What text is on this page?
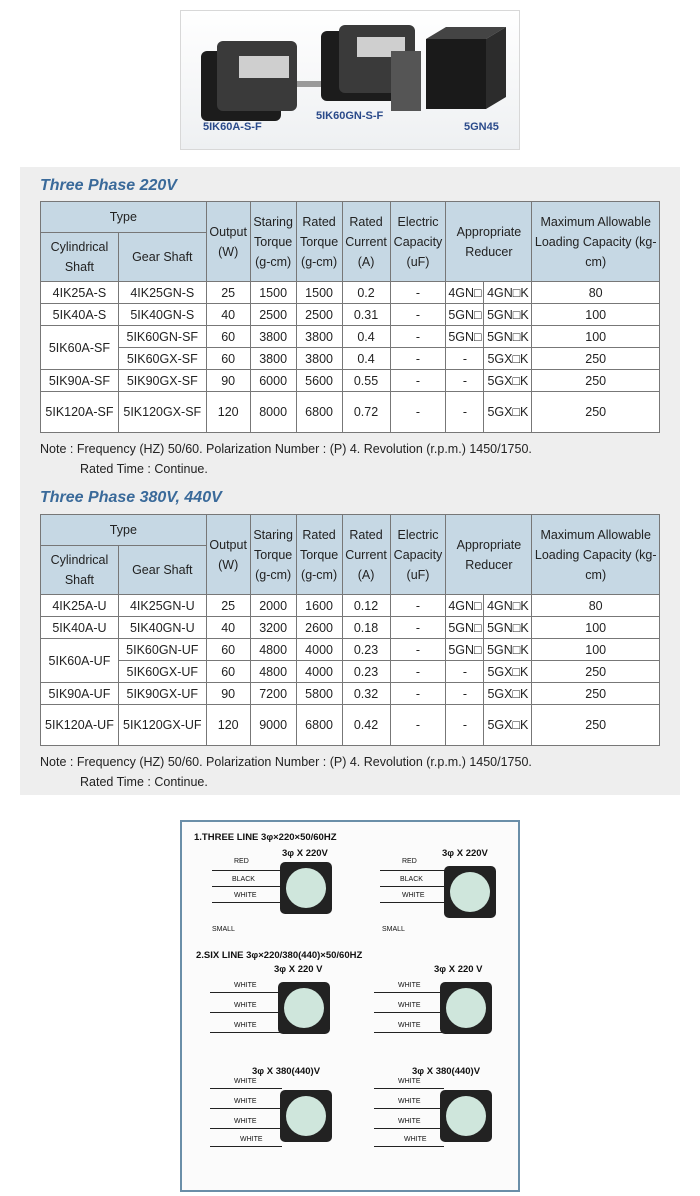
5IK60A-S-F
5IK60GN-S-F
5GN45
Three Phase 220V
Type		Output (W)	Staring Torque (g-cm)	Rated Torque (g-cm)	Rated Current (A)	Electric Capacity (uF)	Appropriate Reducer		Maximum Allowable Loading Capacity (kg-cm)
Cylindrical Shaft	Gear Shaft								
4IK25A-S	4IK25GN-S	25	1500	1500	0.2	-	4GN□	4GN□K	80
5IK40A-S	5IK40GN-S	40	2500	2500	0.31	-	5GN□	5GN□K	100
5IK60A-SF	5IK60GN-SF	60	3800	3800	0.4	-	5GN□	5GN□K	100
	5IK60GX-SF	60	3800	3800	0.4	-	-	5GX□K	250
5IK90A-SF	5IK90GX-SF	90	6000	5600	0.55	-	-	5GX□K	250
5IK120A-SF	5IK120GX-SF	120	8000	6800	0.72	-	-	5GX□K	250
Note : Frequency (HZ) 50/60. Polarization Number : (P) 4. Revolution (r.p.m.) 1450/1750.
Rated Time : Continue.
Three Phase 380V, 440V
Type		Output (W)	Staring Torque (g-cm)	Rated Torque (g-cm)	Rated Current (A)	Electric Capacity (uF)	Appropriate Reducer		Maximum Allowable Loading Capacity (kg-cm)
Cylindrical Shaft	Gear Shaft								
4IK25A-U	4IK25GN-U	25	2000	1600	0.12	-	4GN□	4GN□K	80
5IK40A-U	5IK40GN-U	40	3200	2600	0.18	-	5GN□	5GN□K	100
5IK60A-UF	5IK60GN-UF	60	4800	4000	0.23	-	5GN□	5GN□K	100
	5IK60GX-UF	60	4800	4000	0.23	-	-	5GX□K	250
5IK90A-UF	5IK90GX-UF	90	7200	5800	0.32	-	-	5GX□K	250
5IK120A-UF	5IK120GX-UF	120	9000	6800	0.42	-	-	5GX□K	250
Note : Frequency (HZ) 50/60. Polarization Number : (P) 4. Revolution (r.p.m.) 1450/1750.
Rated Time : Continue.
1.THREE LINE 3φ×220×50/60HZ
3φ X 220V	3φ X 220V
RED
BLACK
WHITE
SMALL
RED
BLACK
WHITE
SMALL
2.SIX LINE 3φ×220/380(440)×50/60HZ
3φ X 220 V	3φ X 220 V
WHITE
WHITE
WHITE
WHITE
WHITE
WHITE
3φ X 380(440)V	3φ X 380(440)V
WHITE
WHITE
WHITE
WHITE
WHITE
WHITE
WHITE
WHITE
